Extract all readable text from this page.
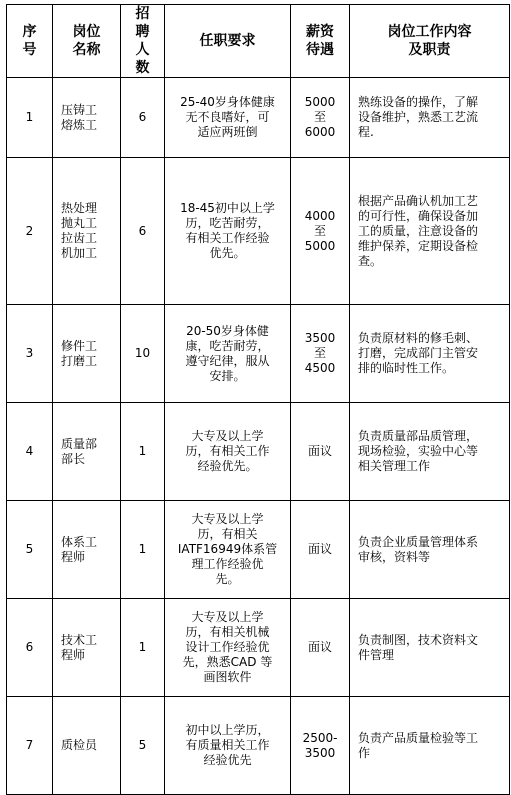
序号	岗位名称	招聘人数	任职要求	薪资待遇	岗位工作内容及职责

1	压铸工
熔炼工	6	25-40岁身体健康
无不良嗜好，可
适应两班倒	5000
至
6000	熟练设备的操作，了解
设备维护，熟悉工艺流
程.

2	热处理
抛丸工
拉齿工
机加工	6	18-45初中以上学
历，吃苦耐劳，
有相关工作经验
优先。	4000
至
5000	根据产品确认机加工艺
的可行性，确保设备加
工的质量，注意设备的
维护保养，定期设备检
查。

3	修件工
打磨工	10	20-50岁身体健
康，吃苦耐劳，
遵守纪律，服从
安排。	3500
至
4500	负责原材料的修毛刺、
打磨，完成部门主管安
排的临时性工作。

4	质量部
部长	1	大专及以上学
历，有相关工作
经验优先。	面议	负责质量部品质管理，
现场检验，实验中心等
相关管理工作

5	体系工
程师	1	大专及以上学
历，有相关
IATF16949体系管
理工作经验优
先。	面议	负责企业质量管理体系
审核，资料等

6	技术工
程师	1	大专及以上学
历，有相关机械
设计工作经验优
先，熟悉CAD 等
画图软件	面议	负责制图，技术资料文
件管理

7	质检员	5	初中以上学历，
有质量相关工作
经验优先	2500-
3500	负责产品质量检验等工
作
